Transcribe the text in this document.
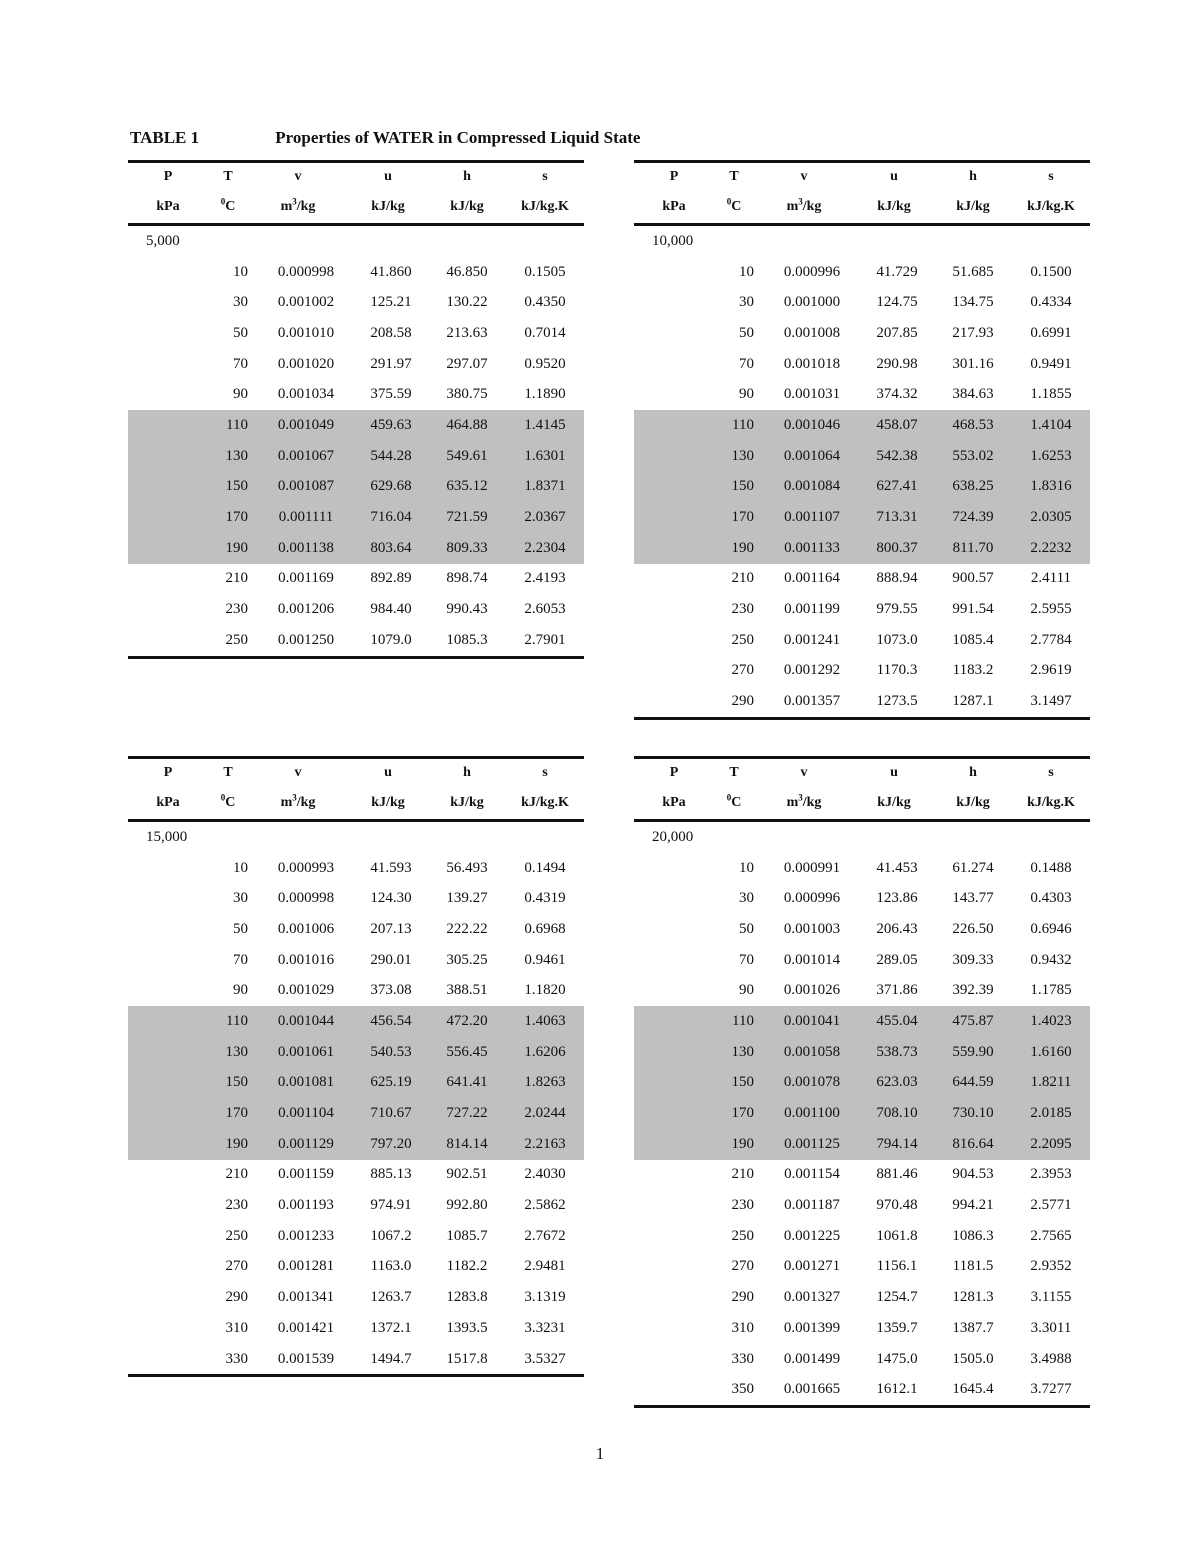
TABLE 1	Properties of WATER in Compressed Liquid State
P	T	v	u	h	s
kPa	$^0$C	$m^3/kg$	kJ/kg	kJ/kg	kJ/kg.K
5,000					
	10	0.000998	41.860	46.850	0.1505
	30	0.001002	125.21	130.22	0.4350
	50	0.001010	208.58	213.63	0.7014
	70	0.001020	291.97	297.07	0.9520
	90	0.001034	375.59	380.75	1.1890
	110	0.001049	459.63	464.88	1.4145
	130	0.001067	544.28	549.61	1.6301
	150	0.001087	629.68	635.12	1.8371
	170	0.001111	716.04	721.59	2.0367
	190	0.001138	803.64	809.33	2.2304
	210	0.001169	892.89	898.74	2.4193
	230	0.001206	984.40	990.43	2.6053
	250	0.001250	1079.0	1085.3	2.7901
P	T	v	u	h	s
kPa	$^0$C	$m^3/kg$	kJ/kg	kJ/kg	kJ/kg.K
10,000					
	10	0.000996	41.729	51.685	0.1500
	30	0.001000	124.75	134.75	0.4334
	50	0.001008	207.85	217.93	0.6991
	70	0.001018	290.98	301.16	0.9491
	90	0.001031	374.32	384.63	1.1855
	110	0.001046	458.07	468.53	1.4104
	130	0.001064	542.38	553.02	1.6253
	150	0.001084	627.41	638.25	1.8316
	170	0.001107	713.31	724.39	2.0305
	190	0.001133	800.37	811.70	2.2232
	210	0.001164	888.94	900.57	2.4111
	230	0.001199	979.55	991.54	2.5955
	250	0.001241	1073.0	1085.4	2.7784
	270	0.001292	1170.3	1183.2	2.9619
	290	0.001357	1273.5	1287.1	3.1497
P	T	v	u	h	s
kPa	$^0$C	$m^3/kg$	kJ/kg	kJ/kg	kJ/kg.K
15,000					
	10	0.000993	41.593	56.493	0.1494
	30	0.000998	124.30	139.27	0.4319
	50	0.001006	207.13	222.22	0.6968
	70	0.001016	290.01	305.25	0.9461
	90	0.001029	373.08	388.51	1.1820
	110	0.001044	456.54	472.20	1.4063
	130	0.001061	540.53	556.45	1.6206
	150	0.001081	625.19	641.41	1.8263
	170	0.001104	710.67	727.22	2.0244
	190	0.001129	797.20	814.14	2.2163
	210	0.001159	885.13	902.51	2.4030
	230	0.001193	974.91	992.80	2.5862
	250	0.001233	1067.2	1085.7	2.7672
	270	0.001281	1163.0	1182.2	2.9481
	290	0.001341	1263.7	1283.8	3.1319
	310	0.001421	1372.1	1393.5	3.3231
	330	0.001539	1494.7	1517.8	3.5327
P	T	v	u	h	s
kPa	$^0$C	$m^3/kg$	kJ/kg	kJ/kg	kJ/kg.K
20,000					
	10	0.000991	41.453	61.274	0.1488
	30	0.000996	123.86	143.77	0.4303
	50	0.001003	206.43	226.50	0.6946
	70	0.001014	289.05	309.33	0.9432
	90	0.001026	371.86	392.39	1.1785
	110	0.001041	455.04	475.87	1.4023
	130	0.001058	538.73	559.90	1.6160
	150	0.001078	623.03	644.59	1.8211
	170	0.001100	708.10	730.10	2.0185
	190	0.001125	794.14	816.64	2.2095
	210	0.001154	881.46	904.53	2.3953
	230	0.001187	970.48	994.21	2.5771
	250	0.001225	1061.8	1086.3	2.7565
	270	0.001271	1156.1	1181.5	2.9352
	290	0.001327	1254.7	1281.3	3.1155
	310	0.001399	1359.7	1387.7	3.3011
	330	0.001499	1475.0	1505.0	3.4988
	350	0.001665	1612.1	1645.4	3.7277
1
